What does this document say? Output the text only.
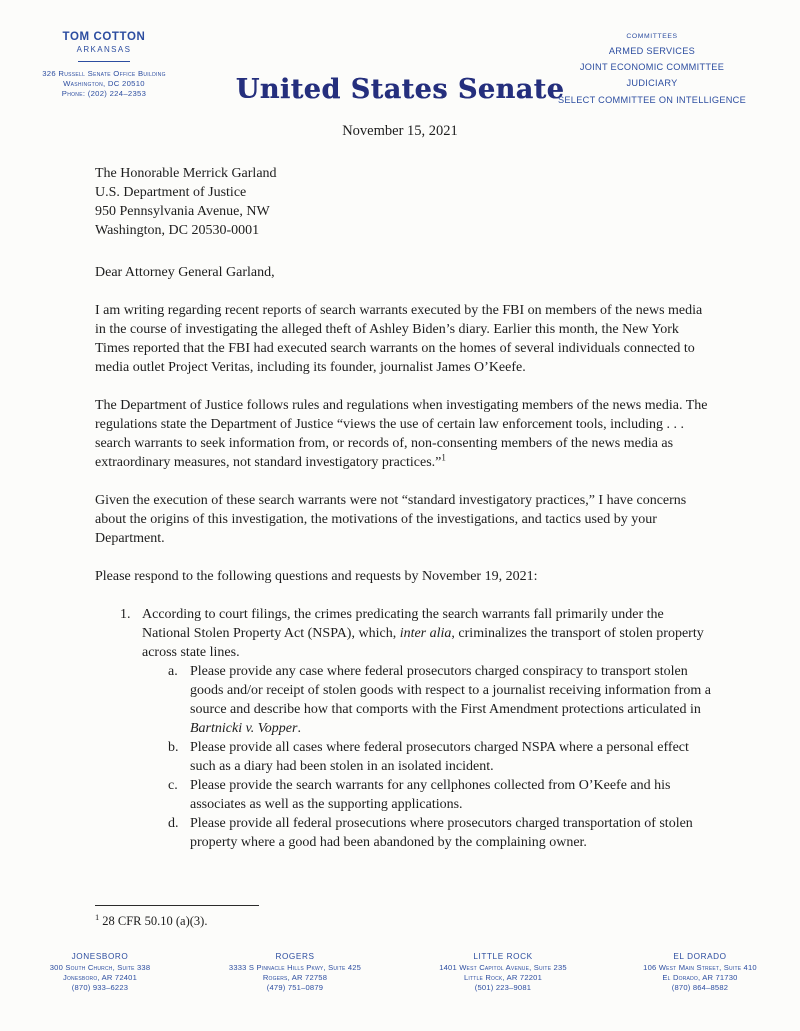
TOM COTTON
ARKANSAS
326 Russell Senate Office Building
Washington, DC 20510
Phone: (202) 224–2353	United States Senate
COMMITTEES
ARMED SERVICES
JOINT ECONOMIC COMMITTEE
JUDICIARY
SELECT COMMITTEE ON INTELLIGENCE
November 15, 2021
The Honorable Merrick Garland
U.S. Department of Justice
950 Pennsylvania Avenue, NW
Washington, DC 20530-0001

Dear Attorney General Garland,

I am writing regarding recent reports of search warrants executed by the FBI on members of the news media in the course of investigating the alleged theft of Ashley Biden’s diary. Earlier this month, the New York Times reported that the FBI had executed search warrants on the homes of several individuals connected to media outlet Project Veritas, including its founder, journalist James O’Keefe.

The Department of Justice follows rules and regulations when investigating members of the news media. The regulations state the Department of Justice “views the use of certain law enforcement tools, including . . . search warrants to seek information from, or records of, non-consenting members of the news media as extraordinary measures, not standard investigatory practices.”$^1$

Given the execution of these search warrants were not “standard investigatory practices,” I have concerns about the origins of this investigation, the motivations of the investigations, and tactics used by your Department.

Please respond to the following questions and requests by November 19, 2021:

1. According to court filings, the crimes predicating the search warrants fall primarily under the National Stolen Property Act (NSPA), which, inter alia, criminalizes the transport of stolen property across state lines.
a. Please provide any case where federal prosecutors charged conspiracy to transport stolen goods and/or receipt of stolen goods with respect to a journalist receiving information from a source and describe how that comports with the First Amendment protections articulated in Bartnicki v. Vopper.
b. Please provide all cases where federal prosecutors charged NSPA where a personal effect such as a diary had been stolen in an isolated incident.
c. Please provide the search warrants for any cellphones collected from O’Keefe and his associates as well as the supporting applications.
d. Please provide all federal prosecutions where prosecutors charged transportation of stolen property where a good had been abandoned by the complaining owner.
$^1$ 28 CFR 50.10 (a)(3).
JONESBORO
300 South Church, Suite 338
Jonesboro, AR 72401
(870) 933–6223
ROGERS
3333 S Pinnacle Hills Pkwy, Suite 425
Rogers, AR 72758
(479) 751–0879
LITTLE ROCK
1401 West Capitol Avenue, Suite 235
Little Rock, AR 72201
(501) 223–9081
EL DORADO
106 West Main Street, Suite 410
El Dorado, AR 71730
(870) 864–8582
